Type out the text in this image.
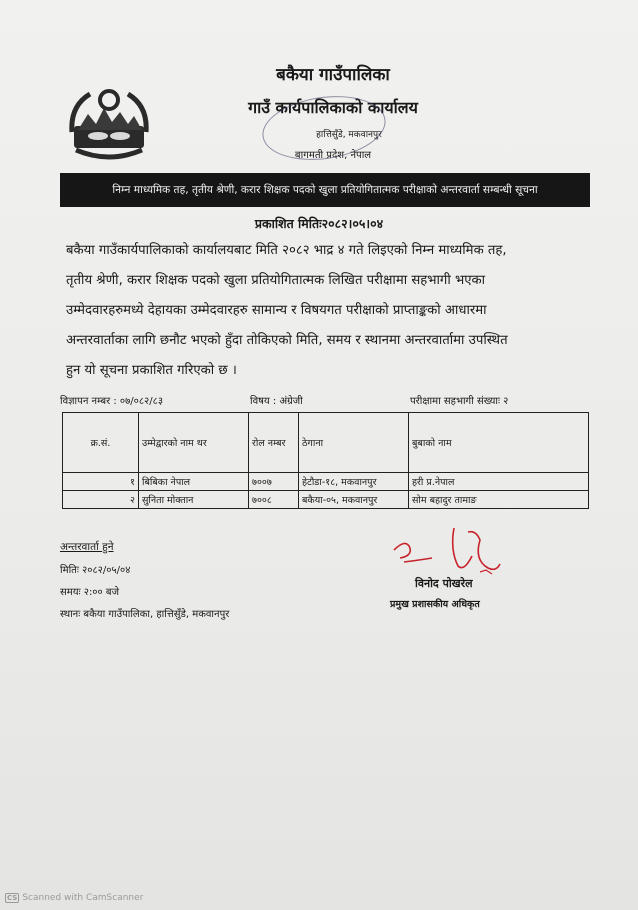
बकैया गाउँपालिका
गाउँ कार्यपालिकाको कार्यालय
हात्तिसुँडे, मकवानपुर
बागमती प्रदेश, नेपाल
निम्न माध्यमिक तह, तृतीय श्रेणी, करार शिक्षक पदको खुला प्रतियोगितात्मक परीक्षाको अन्तरवार्ता सम्बन्धी सूचना
प्रकाशित मितिः२०८२।०५।०४
बकैया गाउँकार्यपालिकाको कार्यालयबाट मिति २०८२ भाद्र ४ गते लिइएको निम्न माध्यमिक तह,
तृतीय श्रेणी, करार शिक्षक पदको खुला प्रतियोगितात्मक लिखित परीक्षामा सहभागी भएका
उम्मेदवारहरुमध्ये देहायका उम्मेदवारहरु सामान्य र विषयगत परीक्षाको प्राप्ताङ्कको आधारमा
अन्तरवार्ताका लागि छनौट भएको हुँदा तोकिएको मिति, समय र स्थानमा अन्तरवार्तामा उपस्थित
हुन यो सूचना प्रकाशित गरिएको छ ।
विज्ञापन नम्बर : ०७/०८२/८३	विषय : अंग्रेजी	परीक्षामा सहभागी संख्याः २
क्र.सं.	उम्मेद्वारको नाम थर	रोल नम्बर	ठेगाना	बुबाको नाम
१	बिबिका नेपाल	७००७	हेटौडा-१८, मकवानपुर	हरी प्र.नेपाल
२	सुनिता मोक्तान	७००८	बकैया-०५, मकवानपुर	सोम बहादुर तामाङ
अन्तरवार्ता हुने
मितिः २०८२/०५/०४
समयः २:०० बजे
स्थानः बकैया गाउँपालिका, हात्तिसुँडे, मकवानपुर
विनोद पोखरेल
प्रमुख प्रशासकीय अधिकृत
CS Scanned with CamScanner
